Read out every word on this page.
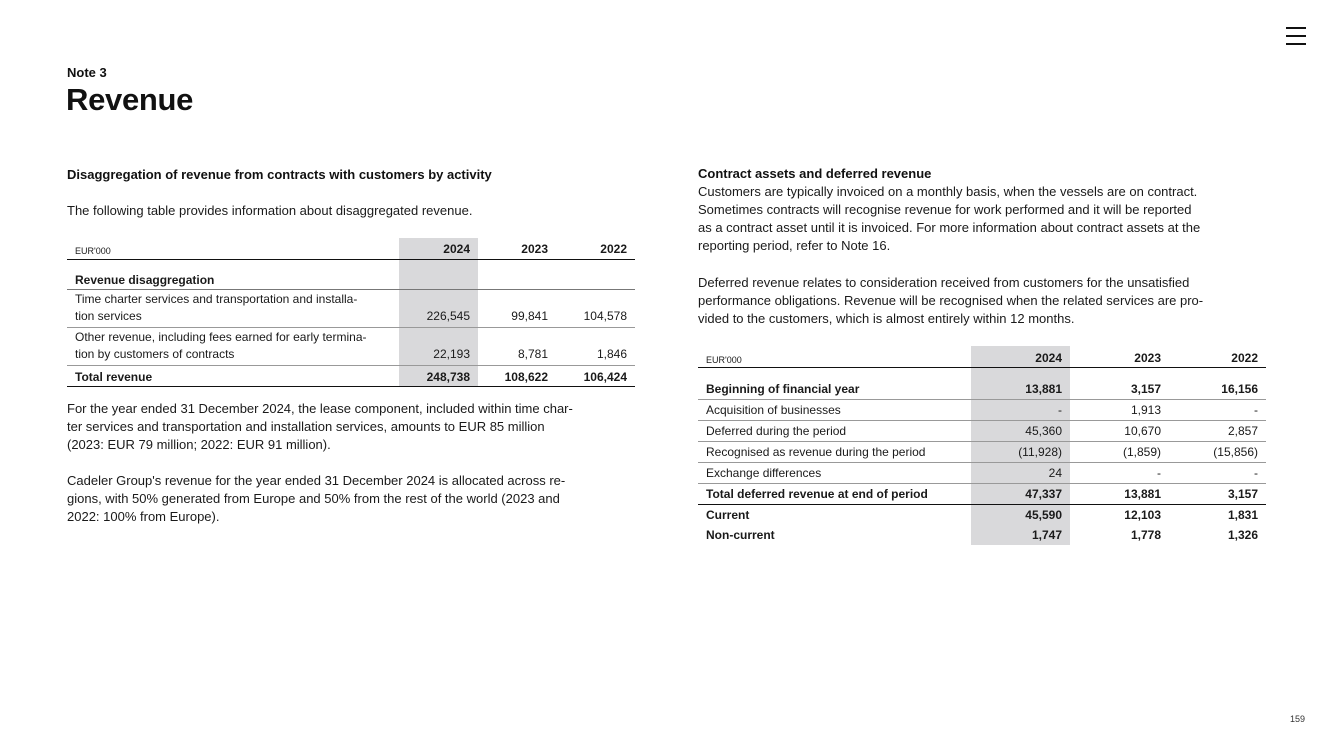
Note 3
Revenue
Disaggregation of revenue from contracts with customers by activity
The following table provides information about disaggregated revenue.
EUR'000	2024	2023	2022
Revenue disaggregation			
Time charter services and transportation and installa-
tion services	226,545	99,841	104,578
Other revenue, including fees earned for early termina-
tion by customers of contracts	22,193	8,781	1,846
Total revenue	248,738	108,622	106,424
For the year ended 31 December 2024, the lease component, included within time char-
ter services and transportation and installation services, amounts to EUR 85 million
(2023: EUR 79 million; 2022: EUR 91 million).
Cadeler Group's revenue for the year ended 31 December 2024 is allocated across re-
gions, with 50% generated from Europe and 50% from the rest of the world (2023 and
2022: 100% from Europe).
Contract assets and deferred revenue
Customers are typically invoiced on a monthly basis, when the vessels are on contract.
Sometimes contracts will recognise revenue for work performed and it will be reported
as a contract asset until it is invoiced. For more information about contract assets at the
reporting period, refer to Note 16.
Deferred revenue relates to consideration received from customers for the unsatisfied
performance obligations. Revenue will be recognised when the related services are pro-
vided to the customers, which is almost entirely within 12 months.
EUR'000	2024	2023	2022
Beginning of financial year	13,881	3,157	16,156
Acquisition of businesses	-	1,913	-
Deferred during the period	45,360	10,670	2,857
Recognised as revenue during the period	(11,928)	(1,859)	(15,856)
Exchange differences	24	-	-
Total deferred revenue at end of period	47,337	13,881	3,157
Current	45,590	12,103	1,831
Non-current	1,747	1,778	1,326
159
